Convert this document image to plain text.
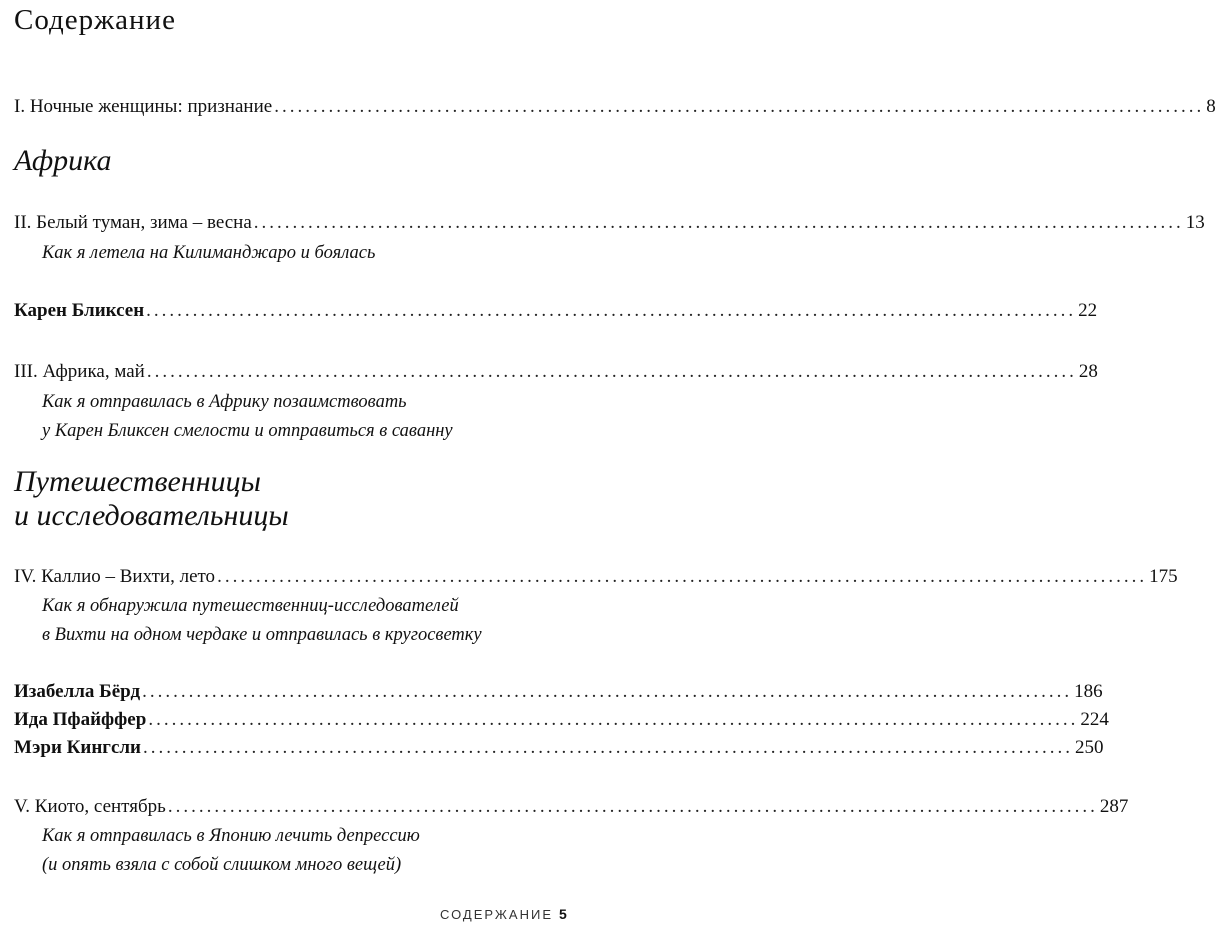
Содержание
I. Ночные женщины: признание ........................................................................................................................ 8
Африка
II. Белый туман, зима – весна ........................................................................................................................ 13
Как я летела на Килиманджаро и боялась
Карен Бликсен ........................................................................................................................ 22
III. Африка, май ........................................................................................................................ 28
Как я отправилась в Африку позаимствовать
у Карен Бликсен смелости и отправиться в саванну
Путешественницы
и исследовательницы
IV. Каллио – Вихти, лето ........................................................................................................................ 175
Как я обнаружила путешественниц-исследователей
в Вихти на одном чердаке и отправилась в кругосветку
Изабелла Бёрд ........................................................................................................................ 186
Ида Пфайффер ........................................................................................................................ 224
Мэри Кингсли ........................................................................................................................ 250
V. Киото, сентябрь ........................................................................................................................ 287
Как я отправилась в Японию лечить депрессию
(и опять взяла с собой слишком много вещей)
СОДЕРЖАНИЕ 5
